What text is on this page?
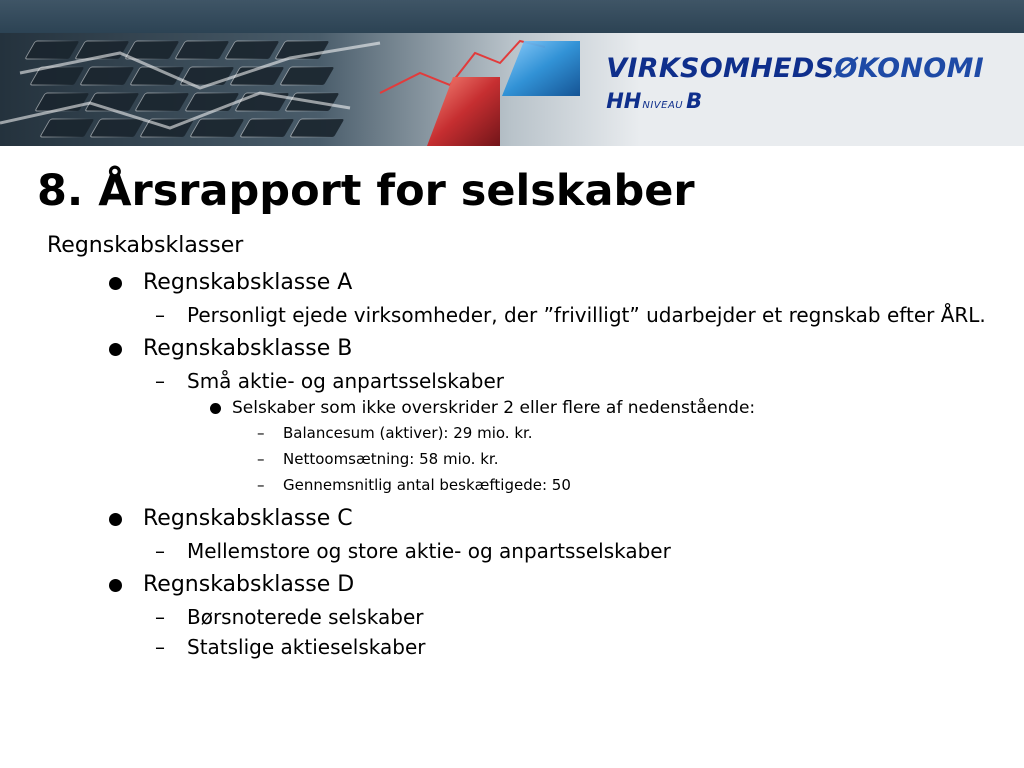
VIRKSOMHEDSØKONOMI
HHNIVEAU B
8. Årsrapport for selskaber
Regnskabsklasser
Regnskabsklasse A
– Personligt ejede virksomheder, der ”frivilligt” udarbejder et regnskab efter ÅRL.
Regnskabsklasse B
– Små aktie- og anpartsselskaber
Selskaber som ikke overskrider 2 eller flere af nedenstående:
– Balancesum (aktiver): 29 mio. kr.
– Nettoomsætning: 58 mio. kr.
– Gennemsnitlig antal beskæftigede: 50
Regnskabsklasse C
– Mellemstore og store aktie- og anpartsselskaber
Regnskabsklasse D
– Børsnoterede selskaber
– Statslige aktieselskaber
